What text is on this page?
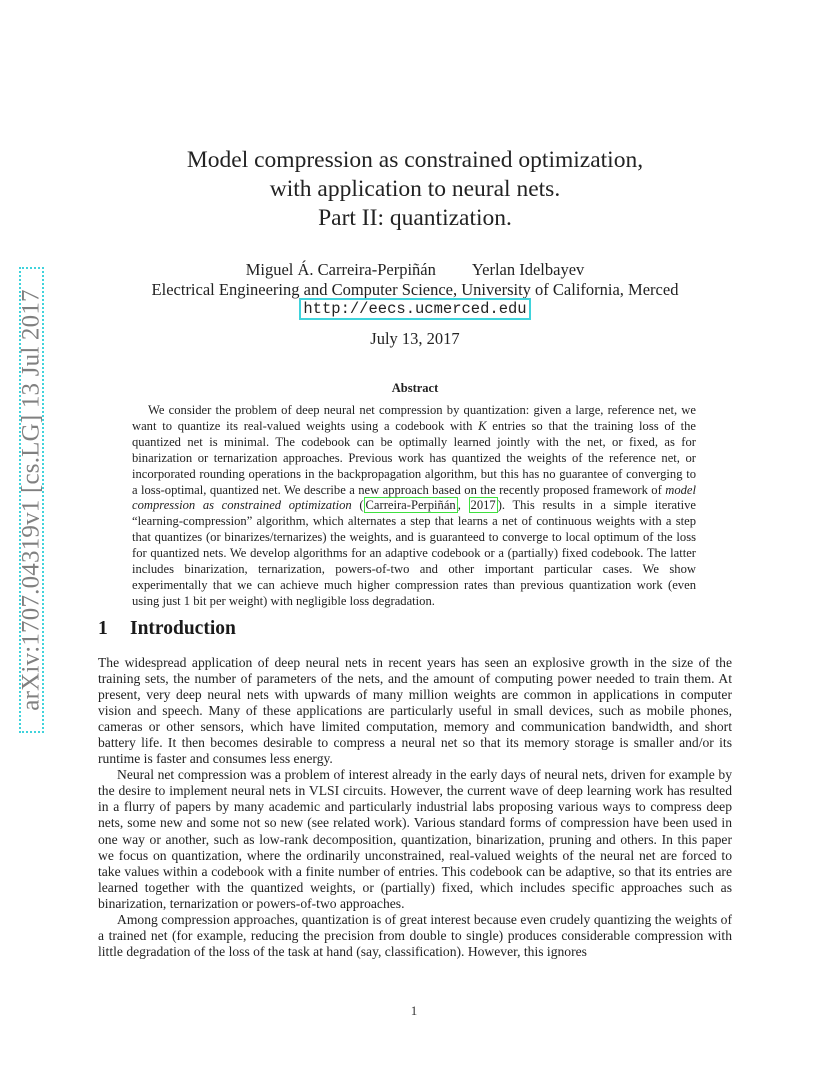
arXiv:1707.04319v1 [cs.LG] 13 Jul 2017
Model compression as constrained optimization,
with application to neural nets.
Part II: quantization.
Miguel Á. Carreira-Perpiñán Yerlan Idelbayev
Electrical Engineering and Computer Science, University of California, Merced
http://eecs.ucmerced.edu
July 13, 2017
Abstract
We consider the problem of deep neural net compression by quantization: given a large, reference net, we want to quantize its real-valued weights using a codebook with K entries so that the training loss of the quantized net is minimal. The codebook can be optimally learned jointly with the net, or fixed, as for binarization or ternarization approaches. Previous work has quantized the weights of the reference net, or incorporated rounding operations in the backpropagation algorithm, but this has no guarantee of converging to a loss-optimal, quantized net. We describe a new approach based on the recently proposed framework of model compression as constrained optimization ( Carreira-Perpiñán , 2017 ). This results in a simple iterative “learning-compression” algorithm, which alternates a step that learns a net of continuous weights with a step that quantizes (or binarizes/ternarizes) the weights, and is guaranteed to converge to local optimum of the loss for quantized nets. We develop algorithms for an adaptive codebook or a (partially) fixed codebook. The latter includes binarization, ternarization, powers-of-two and other important particular cases. We show experimentally that we can achieve much higher compression rates than previous quantization work (even using just 1 bit per weight) with negligible loss degradation.
1 Introduction

The widespread application of deep neural nets in recent years has seen an explosive growth in the size of the training sets, the number of parameters of the nets, and the amount of computing power needed to train them. At present, very deep neural nets with upwards of many million weights are common in applications in computer vision and speech. Many of these applications are particularly useful in small devices, such as mobile phones, cameras or other sensors, which have limited computation, memory and communication bandwidth, and short battery life. It then becomes desirable to compress a neural net so that its memory storage is smaller and/or its runtime is faster and consumes less energy.

Neural net compression was a problem of interest already in the early days of neural nets, driven for example by the desire to implement neural nets in VLSI circuits. However, the current wave of deep learning work has resulted in a flurry of papers by many academic and particularly industrial labs proposing various ways to compress deep nets, some new and some not so new (see related work). Various standard forms of compression have been used in one way or another, such as low-rank decomposition, quantization, binarization, pruning and others. In this paper we focus on quantization, where the ordinarily unconstrained, real-valued weights of the neural net are forced to take values within a codebook with a finite number of entries. This codebook can be adaptive, so that its entries are learned together with the quantized weights, or (partially) fixed, which includes specific approaches such as binarization, ternarization or powers-of-two approaches.

Among compression approaches, quantization is of great interest because even crudely quantizing the weights of a trained net (for example, reducing the precision from double to single) produces considerable compression with little degradation of the loss of the task at hand (say, classification). However, this ignores

1
